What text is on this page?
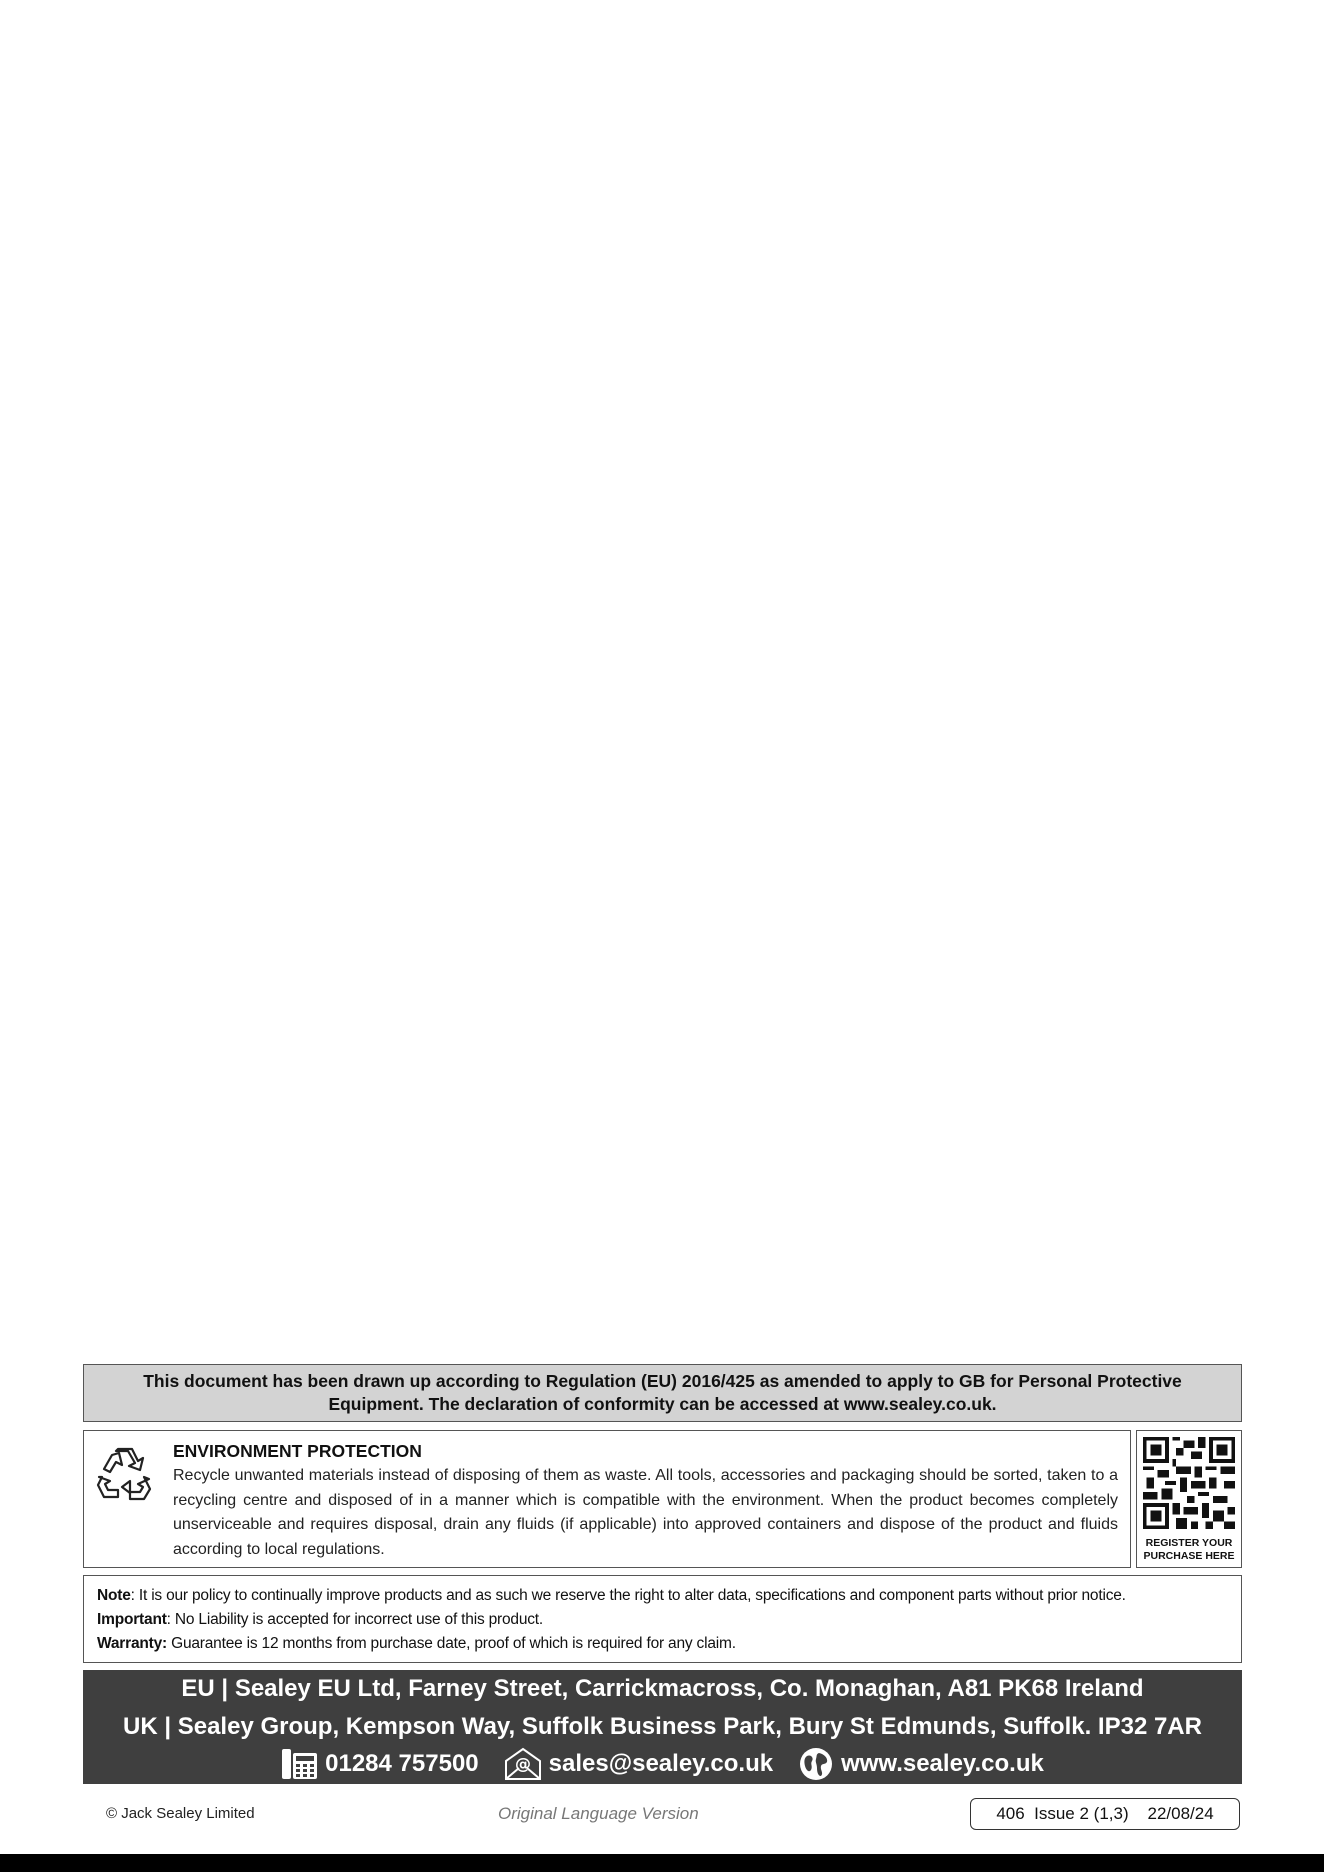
This document has been drawn up according to Regulation (EU) 2016/425 as amended to apply to GB for Personal Protective
Equipment. The declaration of conformity can be accessed at www.sealey.co.uk.
ENVIRONMENT PROTECTION
Recycle unwanted materials instead of disposing of them as waste. All tools, accessories and packaging should be sorted, taken to a recycling centre and disposed of in a manner which is compatible with the environment. When the product becomes completely unserviceable and requires disposal, drain any fluids (if applicable) into approved containers and dispose of the product and fluids according to local regulations.	REGISTER YOUR
PURCHASE HERE
Note: It is our policy to continually improve products and as such we reserve the right to alter data, specifications and component parts without prior notice.
Important: No Liability is accepted for incorrect use of this product.
Warranty: Guarantee is 12 months from purchase date, proof of which is required for any claim.
EU | Sealey EU Ltd, Farney Street, Carrickmacross, Co. Monaghan, A81 PK68 Ireland
UK | Sealey Group, Kempson Way, Suffolk Business Park, Bury St Edmunds, Suffolk. IP32 7AR
01284 757500 @ sales@sealey.co.uk	www.sealey.co.uk
© Jack Sealey Limited	Original Language Version	406  Issue 2 (1,3)    22/08/24
